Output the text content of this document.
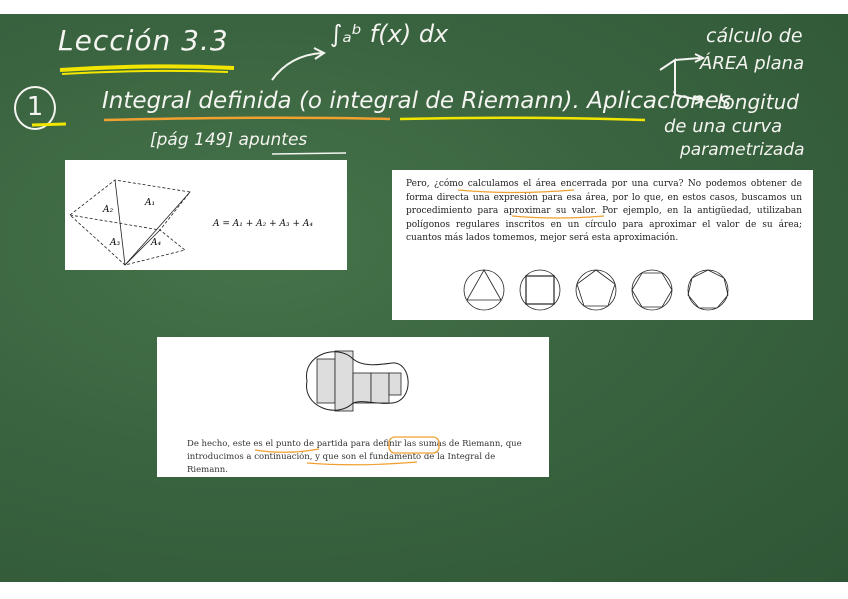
Lección 3.3	∫ₐᵇ f(x) dx
1	Integral definida (o integral de Riemann). Aplicaciones
[pág 149] apuntes
cálculo de
ÁREA plana
longitud
de una curva
parametrizada
A₂
A₁
A₃	A₄
A = A₁ + A₂ + A₃ + A₄
Pero, ¿cómo calculamos el área encerrada por una curva? No podemos obtener de forma directa una expresión para esa área, por lo que, en estos casos, buscamos un procedimiento para aproximar su valor. Por ejemplo, en la antigüedad, utilizaban polígonos regulares inscritos en un círculo para aproximar el valor de su área; cuantos más lados tomemos, mejor será esta aproximación.
De hecho, este es el punto de partida para definir las sumas de Riemann, que introducimos a continuación, y que son el fundamento de la Integral de Riemann.
